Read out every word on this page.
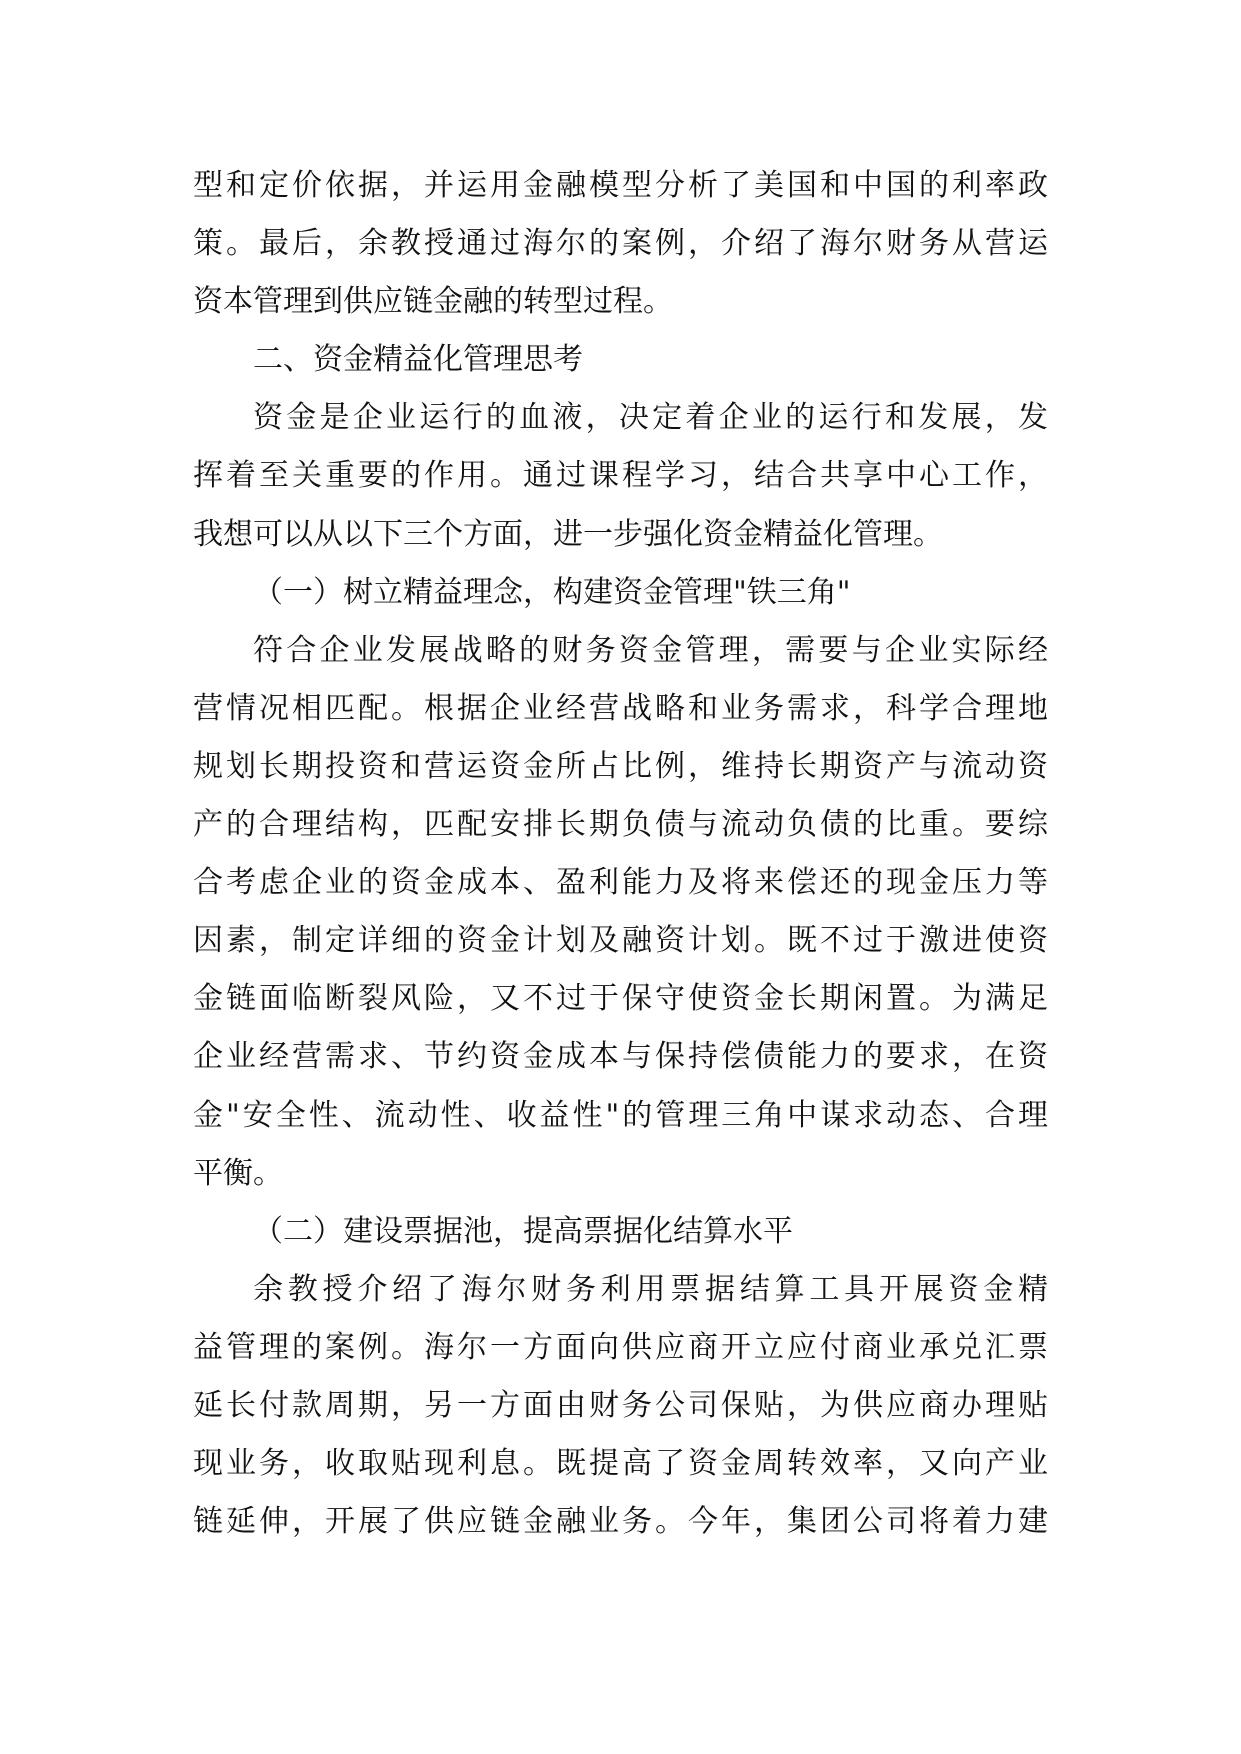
型和定价依据，并运用金融模型分析了美国和中国的利率政
策。最后，余教授通过海尔的案例，介绍了海尔财务从营运
资本管理到供应链金融的转型过程。
二、资金精益化管理思考
资金是企业运行的血液，决定着企业的运行和发展，发
挥着至关重要的作用。通过课程学习，结合共享中心工作，
我想可以从以下三个方面，进一步强化资金精益化管理。
（一）树立精益理念，构建资金管理"铁三角"
符合企业发展战略的财务资金管理，需要与企业实际经
营情况相匹配。根据企业经营战略和业务需求，科学合理地
规划长期投资和营运资金所占比例，维持长期资产与流动资
产的合理结构，匹配安排长期负债与流动负债的比重。要综
合考虑企业的资金成本、盈利能力及将来偿还的现金压力等
因素，制定详细的资金计划及融资计划。既不过于激进使资
金链面临断裂风险，又不过于保守使资金长期闲置。为满足
企业经营需求、节约资金成本与保持偿债能力的要求，在资
金"安全性、流动性、收益性"的管理三角中谋求动态、合理
平衡。
（二）建设票据池，提高票据化结算水平
余教授介绍了海尔财务利用票据结算工具开展资金精
益管理的案例。海尔一方面向供应商开立应付商业承兑汇票
延长付款周期，另一方面由财务公司保贴，为供应商办理贴
现业务，收取贴现利息。既提高了资金周转效率，又向产业
链延伸，开展了供应链金融业务。今年，集团公司将着力建
